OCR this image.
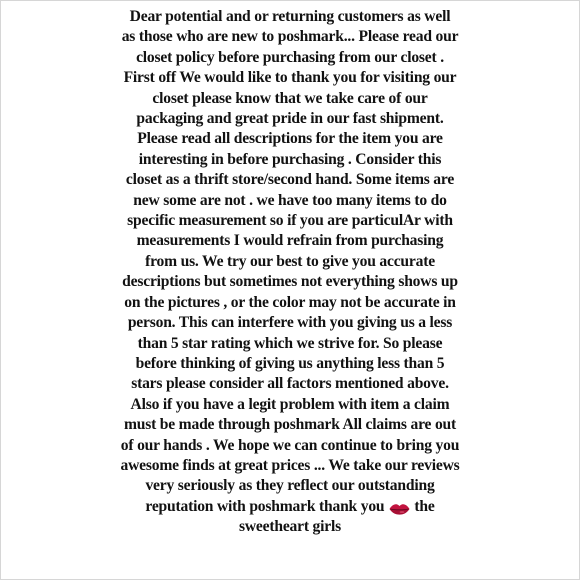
Dear potential and or returning customers as well
as those who are new to poshmark... Please read our
closet policy before purchasing from our closet .
First off We would like to thank you for visiting our
closet please know that we take care of our
packaging and great pride in our fast shipment.
Please read all descriptions for the item you are
interesting in before purchasing . Consider this
closet as a thrift store/second hand. Some items are
new some are not . we have too many items to do
specific measurement so if you are particulAr with
measurements I would refrain from purchasing
from us. We try our best to give you accurate
descriptions but sometimes not everything shows up
on the pictures , or the color may not be accurate in
person. This can interfere with you giving us a less
than 5 star rating which we strive for. So please
before thinking of giving us anything less than 5
stars please consider all factors mentioned above.
Also if you have a legit problem with item a claim
must be made through poshmark All claims are out
of our hands . We hope we can continue to bring you
awesome finds at great prices ... We take our reviews
very seriously as they reflect our outstanding
reputation with poshmark thank you the
sweetheart girls
